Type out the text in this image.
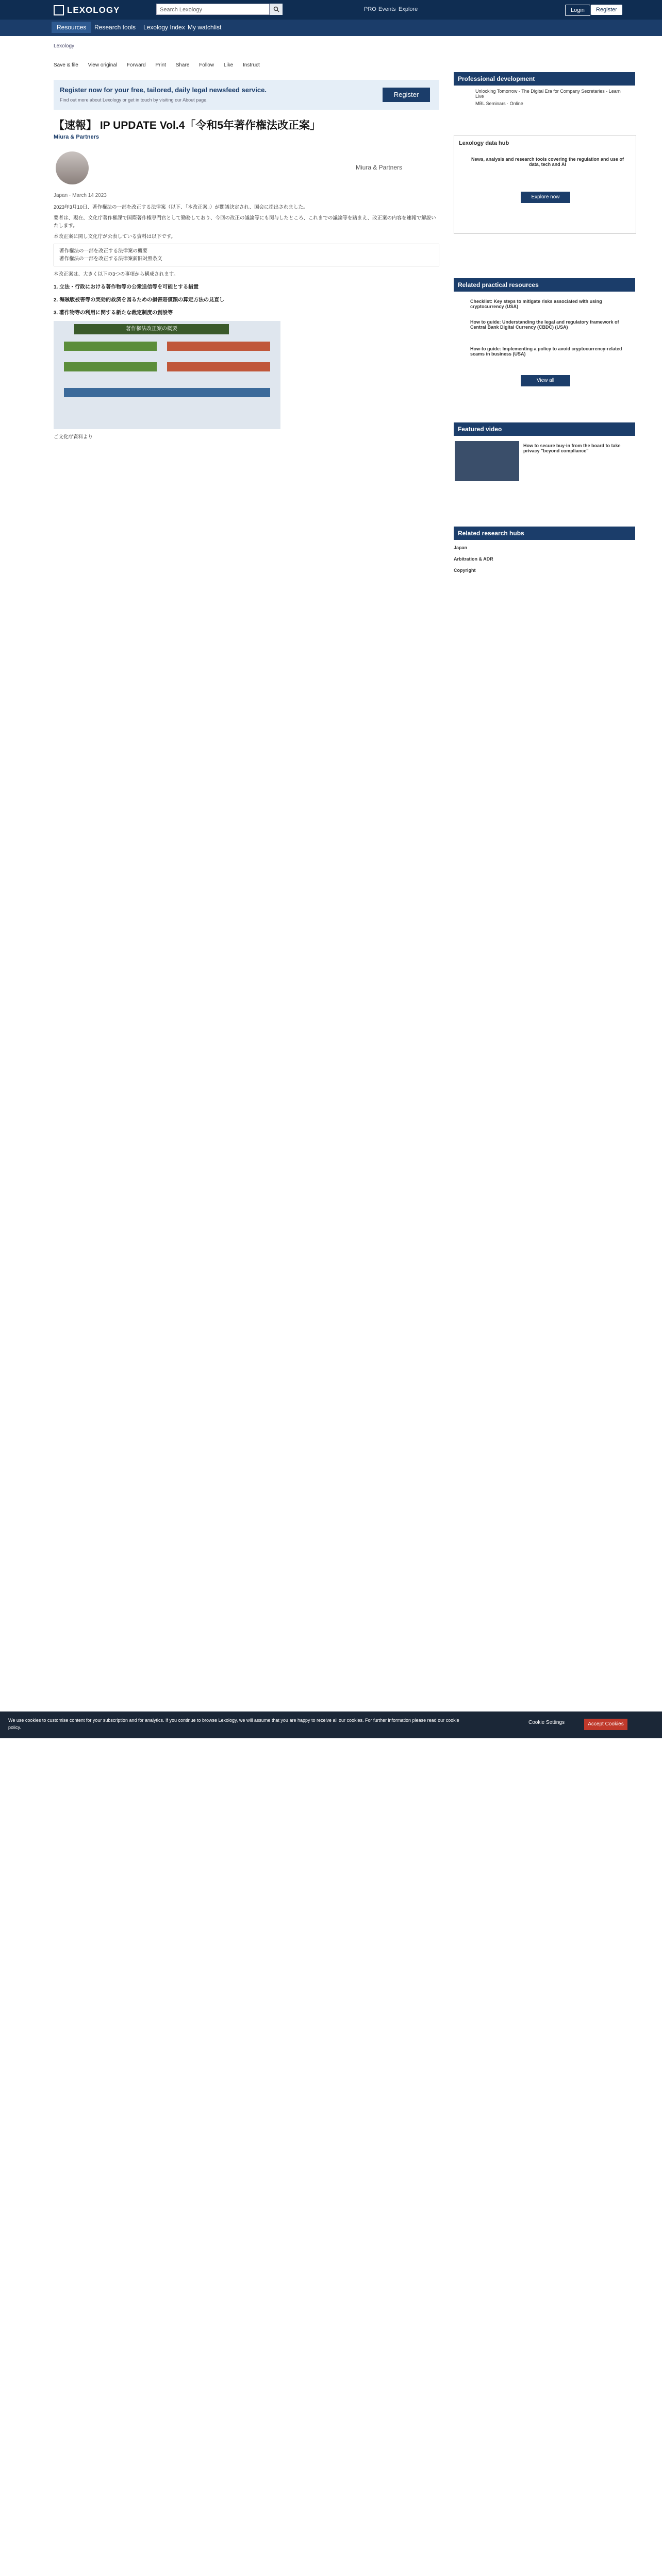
LEXOLOGY	Search Lexology	PRO Events Explore	Login	Register
Resources	Research tools Lexology Index My watchlist
Lexology
Save & file View original Forward Print Share Follow Like Instruct
Register now for your free, tailored, daily legal newsfeed service.
Find out more about Lexology or get in touch by visiting our About page.
Register
【速報】 IP UPDATE Vol.4「令和5年著作権法改正案」
Miura & Partners
Miura & Partners
Japan · March 14 2023

2023年3月10日、著作権法の一部を改正する法律案（以下、「本改正案」）が閣議決定され、国会に提出されました。

要者は、現在、文化庁著作権課で国際著作権専門官として勤務しており、今回の改正の議論等にも関与したところ、これまでの議論等を踏まえ、改正案の内容を速報で解説いたします。

本改正案に関し文化庁が公表している資料は以下です。

著作権法の一部を改正する法律案の概要
著作権法の一部を改正する法律案新旧対照条文

本改正案は、大きく以下の3つの事項から構成されます。

1. 立法・行政における著作物等の公衆送信等を可能とする措置
2. 海賊版被害等の実効的救済を図るための損害賠償額の算定方法の見直し
3. 著作物等の利用に関する新たな裁定制度の創設等
著作権法改正案の概要

ご文化庁資料より

We use cookies to customise content for your subscription and for analytics. If you continue to browse Lexology, we will assume that you are happy to receive all our cookies. For further information please read our cookie policy.
Cookie Settings	Accept Cookies
Professional development
Unlocking Tomorrow - The Digital Era for Company Secretaries - Learn Live
MBL Seminars · Online
Lexology data hub
News, analysis and research tools covering the regulation and use of data, tech and AI
Explore now
Related practical resources
Checklist: Key steps to mitigate risks associated with using cryptocurrency (USA)
How to guide: Understanding the legal and regulatory framework of Central Bank Digital Currency (CBDC) (USA)
How-to guide: Implementing a policy to avoid cryptocurrency-related scams in business (USA)
View all
Featured video
How to secure buy-in from the board to take privacy "beyond compliance"
Related research hubs
Japan
Arbitration & ADR
Copyright
